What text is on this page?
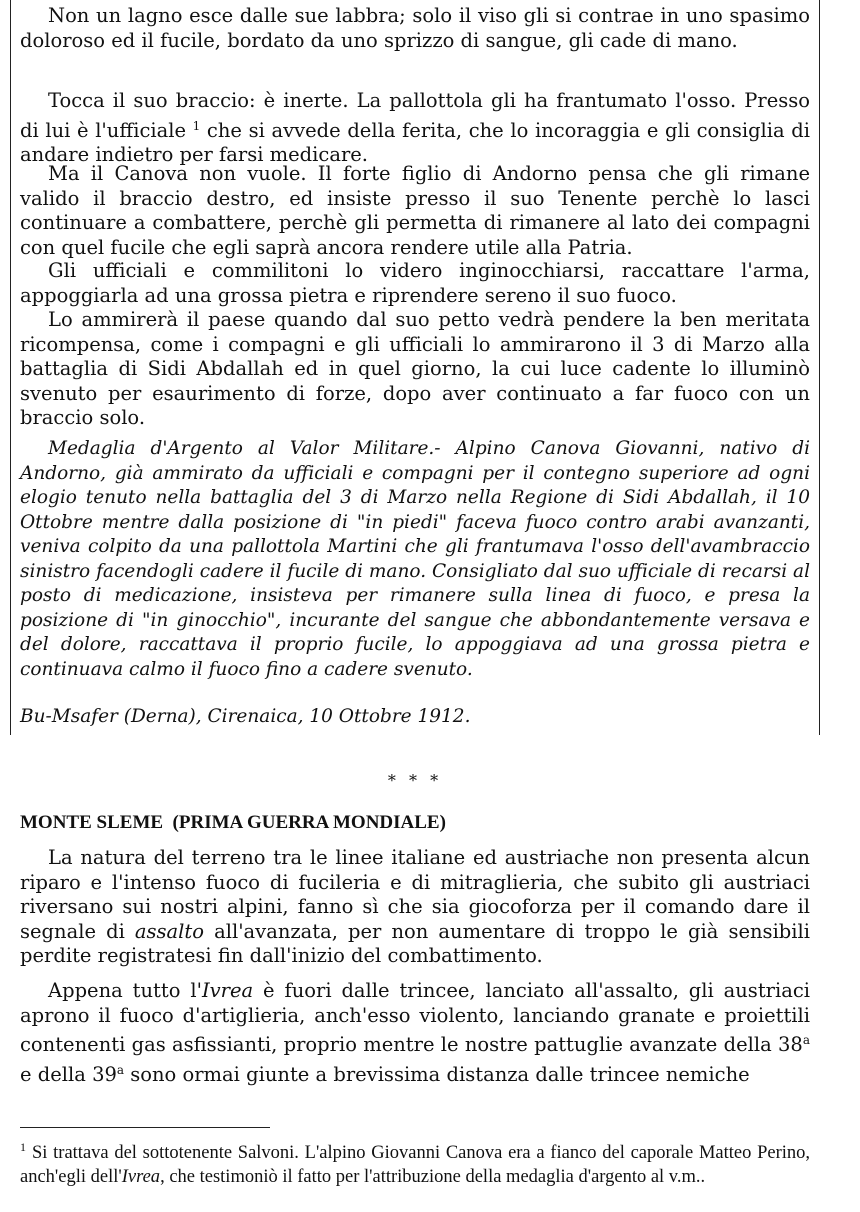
Non un lagno esce dalle sue labbra; solo il viso gli si contrae in uno spasimo doloroso ed il fucile, bordato da uno sprizzo di sangue, gli cade di mano.

Tocca il suo braccio: è inerte. La pallottola gli ha frantumato l'osso. Presso di lui è l'ufficiale $^1$ che si avvede della ferita, che lo incoraggia e gli consiglia di andare indietro per farsi medicare.

Ma il Canova non vuole. Il forte figlio di Andorno pensa che gli rimane valido il braccio destro, ed insiste presso il suo Tenente perchè lo lasci continuare a combattere, perchè gli permetta di rimanere al lato dei compagni con quel fucile che egli saprà ancora rendere utile alla Patria.

Gli ufficiali e commilitoni lo videro inginocchiarsi, raccattare l'arma, appoggiarla ad una grossa pietra e riprendere sereno il suo fuoco.

Lo ammirerà il paese quando dal suo petto vedrà pendere la ben meritata ricompensa, come i compagni e gli ufficiali lo ammirarono il 3 di Marzo alla battaglia di Sidi Abdallah ed in quel giorno, la cui luce cadente lo illuminò svenuto per esaurimento di forze, dopo aver continuato a far fuoco con un braccio solo.

Medaglia d'Argento al Valor Militare.- Alpino Canova Giovanni, nativo di Andorno, già ammirato da ufficiali e compagni per il contegno superiore ad ogni elogio tenuto nella battaglia del 3 di Marzo nella Regione di Sidi Abdallah, il 10 Ottobre mentre dalla posizione di "in piedi" faceva fuoco contro arabi avanzanti, veniva colpito da una pallottola Martini che gli frantumava l'osso dell'avambraccio sinistro facendogli cadere il fucile di mano. Consigliato dal suo ufficiale di recarsi al posto di medicazione, insisteva per rimanere sulla linea di fuoco, e presa la posizione di "in ginocchio", incurante del sangue che abbondantemente versava e del dolore, raccattava il proprio fucile, lo appoggiava ad una grossa pietra e continuava calmo il fuoco fino a cadere svenuto.

Bu-Msafer (Derna), Cirenaica, 10 Ottobre 1912.

* * *

MONTE SLEME  (PRIMA GUERRA MONDIALE)

La natura del terreno tra le linee italiane ed austriache non presenta alcun riparo e l'intenso fuoco di fucileria e di mitraglieria, che subito gli austriaci riversano sui nostri alpini, fanno sì che sia giocoforza per il comando dare il segnale di assalto all'avanzata, per non aumentare di troppo le già sensibili perdite registratesi fin dall'inizio del combattimento.

Appena tutto l'Ivrea è fuori dalle trincee, lanciato all'assalto, gli austriaci aprono il fuoco d'artiglieria, anch'esso violento, lanciando granate e proiettili contenenti gas asfissianti, proprio mentre le nostre pattuglie avanzate della 38$^a$ e della 39$^a$ sono ormai giunte a brevissima distanza dalle trincee nemiche

$^1$ Si trattava del sottotenente Salvoni. L'alpino Giovanni Canova era a fianco del caporale Matteo Perino, anch'egli dell'Ivrea, che testimoniò il fatto per l'attribuzione della medaglia d'argento al v.m..
